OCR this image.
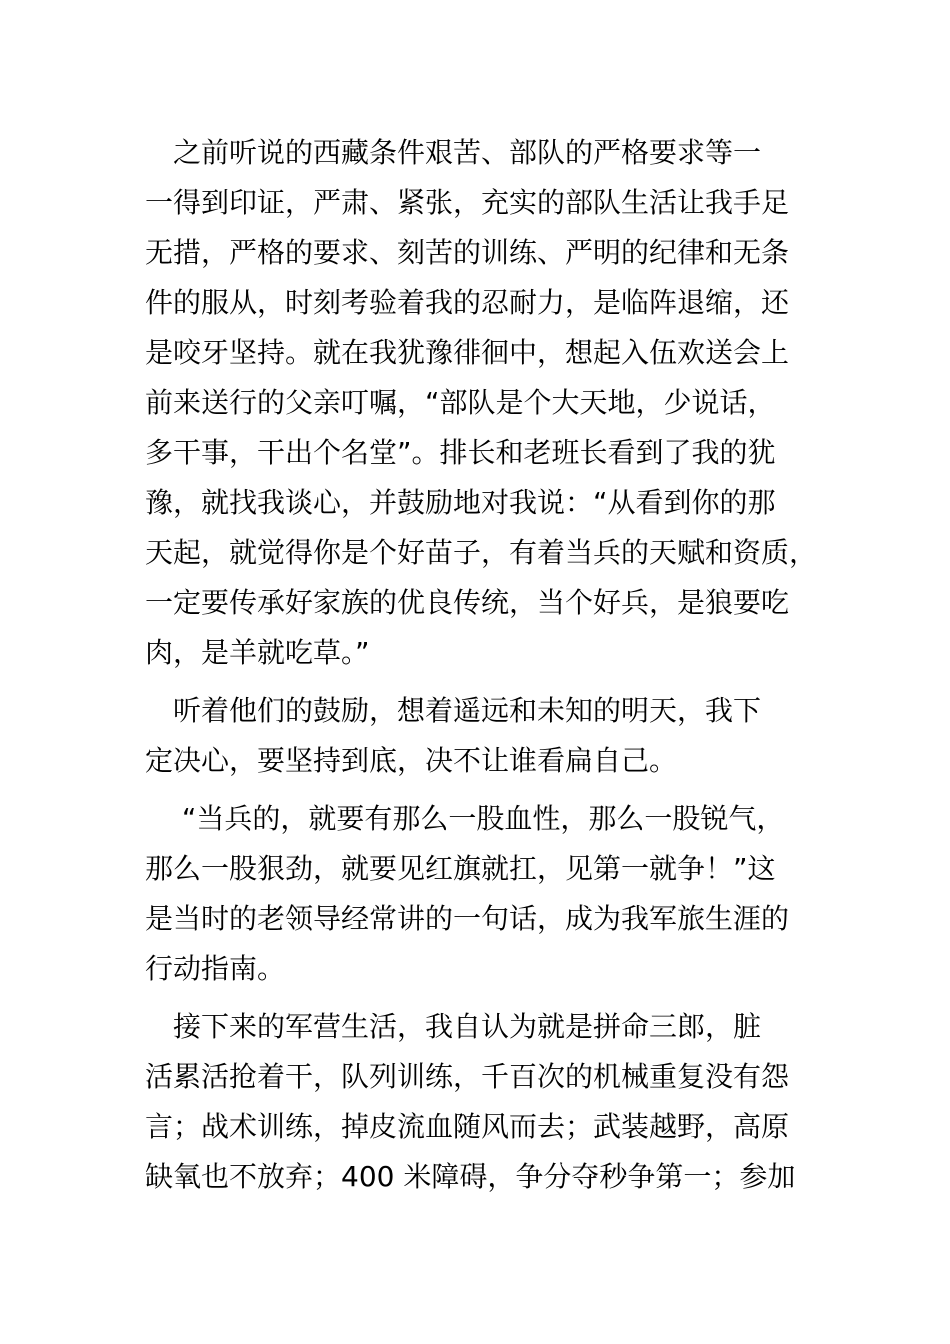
　之前听说的西藏条件艰苦、部队的严格要求等一
一得到印证，严肃、紧张，充实的部队生活让我手足
无措，严格的要求、刻苦的训练、严明的纪律和无条
件的服从，时刻考验着我的忍耐力，是临阵退缩，还
是咬牙坚持。就在我犹豫徘徊中，想起入伍欢送会上
前来送行的父亲叮嘱，“部队是个大天地，少说话，
多干事，干出个名堂”。排长和老班长看到了我的犹
豫，就找我谈心，并鼓励地对我说：“从看到你的那
天起，就觉得你是个好苗子，有着当兵的天赋和资质，
一定要传承好家族的优良传统，当个好兵，是狼要吃
肉，是羊就吃草。”
　听着他们的鼓励，想着遥远和未知的明天，我下
定决心，要坚持到底，决不让谁看扁自己。
　 “当兵的，就要有那么一股血性，那么一股锐气，
那么一股狠劲，就要见红旗就扛，见第一就争！”这
是当时的老领导经常讲的一句话，成为我军旅生涯的
行动指南。
　接下来的军营生活，我自认为就是拼命三郎，脏
活累活抢着干，队列训练，千百次的机械重复没有怨
言；战术训练，掉皮流血随风而去；武装越野，高原
缺氧也不放弃；400 米障碍，争分夺秒争第一；参加
